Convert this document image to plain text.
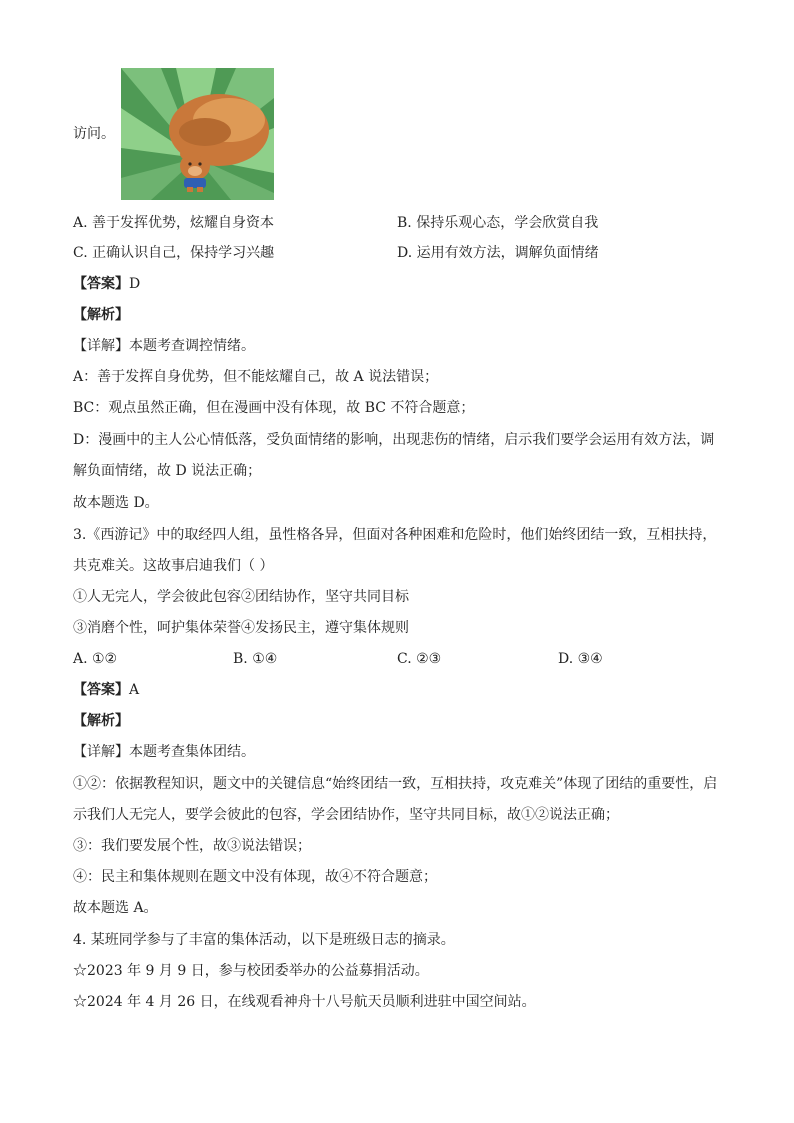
访问。
A. 善于发挥优势，炫耀自身资本	B. 保持乐观心态，学会欣赏自我
C. 正确认识自己，保持学习兴趣	D. 运用有效方法，调解负面情绪
【答案】D
【解析】
【详解】本题考查调控情绪。
A：善于发挥自身优势，但不能炫耀自己，故 A 说法错误；
BC：观点虽然正确，但在漫画中没有体现，故 BC 不符合题意；
D：漫画中的主人公心情低落，受负面情绪的影响，出现悲伤的情绪，启示我们要学会运用有效方法，调解负面情绪，故 D 说法正确；
故本题选 D。
3.《西游记》中的取经四人组，虽性格各异，但面对各种困难和危险时，他们始终团结一致，互相扶持，共克难关。这故事启迪我们（ ）
①人无完人，学会彼此包容②团结协作，坚守共同目标
③消磨个性，呵护集体荣誉④发扬民主，遵守集体规则
A. ①②	B. ①④	C. ②③	D. ③④
【答案】A
【解析】
【详解】本题考查集体团结。
①②：依据教程知识，题文中的关键信息“始终团结一致，互相扶持，攻克难关”体现了团结的重要性，启示我们人无完人，要学会彼此的包容，学会团结协作，坚守共同目标，故①②说法正确；
③：我们要发展个性，故③说法错误；
④：民主和集体规则在题文中没有体现，故④不符合题意；
故本题选 A。
4. 某班同学参与了丰富的集体活动，以下是班级日志的摘录。
☆2023 年 9 月 9 日，参与校团委举办的公益募捐活动。
☆2024 年 4 月 26 日，在线观看神舟十八号航天员顺利进驻中国空间站。
